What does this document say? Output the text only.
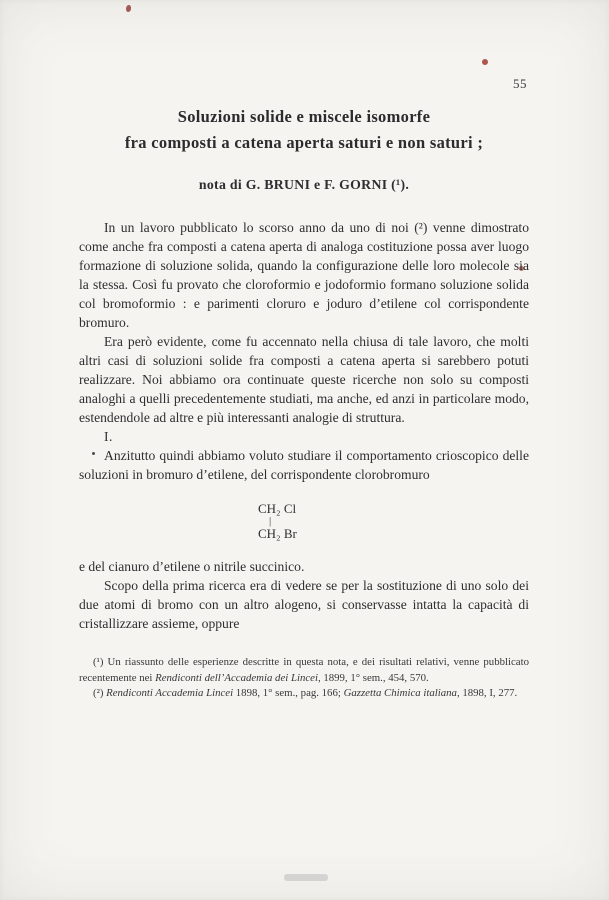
55
Soluzioni solide e miscele isomorfe
fra composti a catena aperta saturi e non saturi ;
nota di G. BRUNI e F. GORNI (¹).

In un lavoro pubblicato lo scorso anno da uno di noi (²) venne dimostrato come anche fra composti a catena aperta di analoga costituzione possa aver luogo formazione di soluzione solida, quando la configurazione delle loro molecole sia la stessa. Così fu provato che cloroformio e jodoformio formano soluzione solida col bromoformio : e parimenti cloruro e joduro d’etilene col corrispondente bromuro.

Era però evidente, come fu accennato nella chiusa di tale lavoro, che molti altri casi di soluzioni solide fra composti a catena aperta si sarebbero potuti realizzare. Noi abbiamo ora continuate queste ricerche non solo su composti analoghi a quelli precedentemente studiati, ma anche, ed anzi in particolare modo, estendendole ad altre e più interessanti analogie di struttura.

I.

Anzitutto quindi abbiamo voluto studiare il comportamento crioscopico delle soluzioni in bromuro d’etilene, del corrispondente clorobromuro

CH₂ Cl
|
CH₂ Br

e del cianuro d’etilene o nitrile succinico.

Scopo della prima ricerca era di vedere se per la sostituzione di uno solo dei due atomi di bromo con un altro alogeno, si conservasse intatta la capacità di cristallizzare assieme, oppure

(¹) Un riassunto delle esperienze descritte in questa nota, e dei risultati relativi, venne pubblicato recentemente nei Rendiconti dell’Accademia dei Lincei, 1899, 1° sem., 454, 570.

(²) Rendiconti Accademia Lincei 1898, 1° sem., pag. 166; Gazzetta Chimica italiana, 1898, I, 277.
